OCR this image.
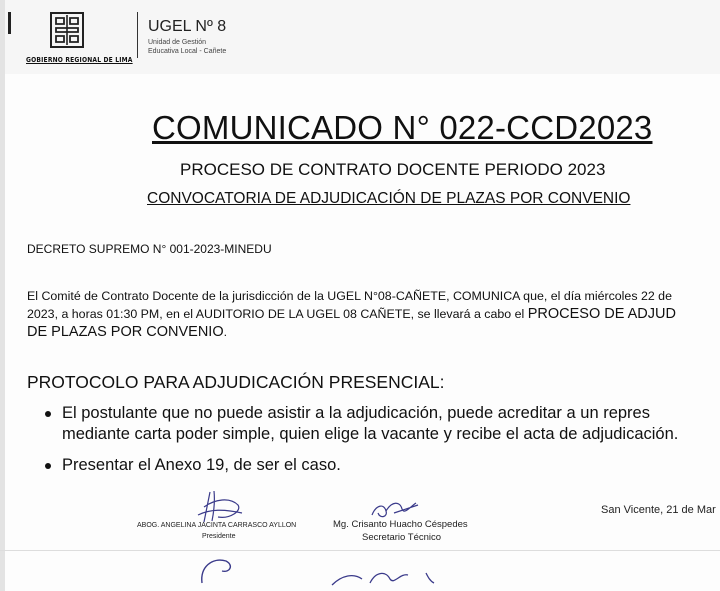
GOBIERNO REGIONAL DE LIMA
UGEL Nº 8
Unidad de Gestión
Educativa Local - Cañete
COMUNICADO N° 022-CCD2023
PROCESO DE CONTRATO DOCENTE PERIODO 2023
CONVOCATORIA DE ADJUDICACIÓN DE PLAZAS POR CONVENIO
DECRETO SUPREMO N° 001-2023-MINEDU
El Comité de Contrato Docente de la jurisdicción de la UGEL N°08-CAÑETE, COMUNICA que, el día miércoles 22 de
2023, a horas 01:30 PM, en el AUDITORIO DE LA UGEL 08 CAÑETE, se llevará a cabo el PROCESO DE ADJUD
DE PLAZAS POR CONVENIO.
PROTOCOLO PARA ADJUDICACIÓN PRESENCIAL:
El postulante que no puede asistir a la adjudicación, puede acreditar a un repres
mediante carta poder simple, quien elige la vacante y recibe el acta de adjudicación.
Presentar el Anexo 19, de ser el caso.
ABOG. ANGELINA JACINTA CARRASCO AYLLON
Presidente
Mg. Crisanto Huacho Céspedes
Secretario Técnico
San Vicente, 21 de Mar
